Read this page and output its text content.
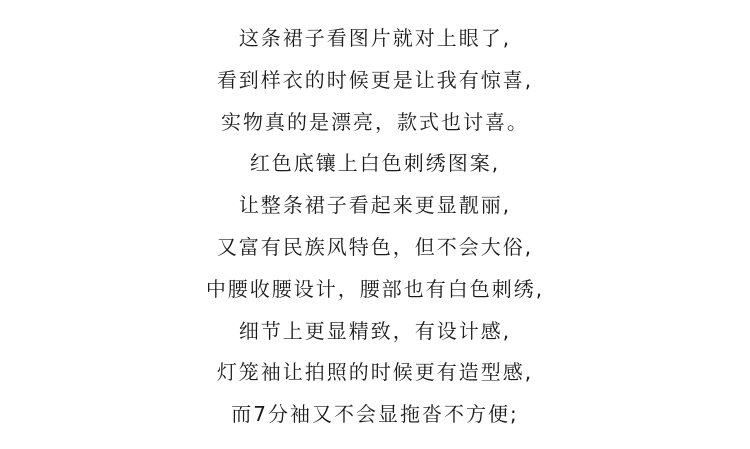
这条裙子看图片就对上眼了,
看到样衣的时候更是让我有惊喜,
实物真的是漂亮，款式也讨喜。
红色底镶上白色刺绣图案,
让整条裙子看起来更显靓丽,
又富有民族风特色，但不会大俗,
中腰收腰设计，腰部也有白色刺绣,
细节上更显精致，有设计感,
灯笼袖让拍照的时候更有造型感,
而7分袖又不会显拖沓不方便;
